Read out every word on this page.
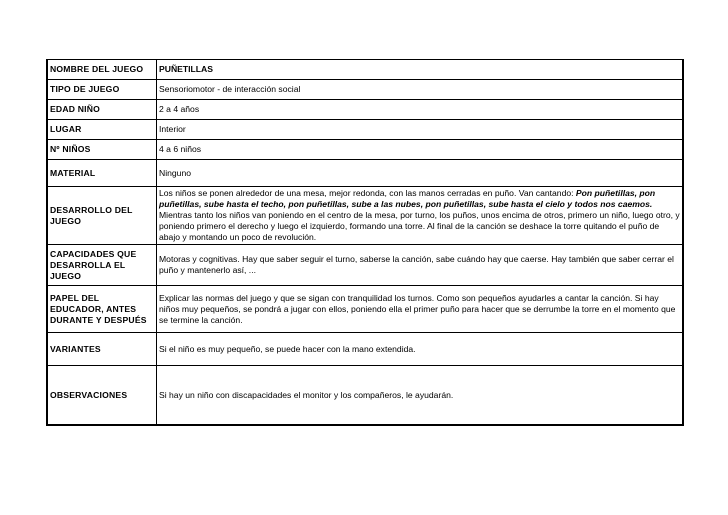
NOMBRE DEL JUEGO	PUÑETILLAS
TIPO DE JUEGO	Sensoriomotor - de interacción social
EDAD NIÑO	2 a 4 años
LUGAR	Interior
Nº NIÑOS	4 a 6 niños
MATERIAL	Ninguno
DESARROLLO DEL JUEGO	Los niños se ponen alrededor de una mesa, mejor redonda, con las manos cerradas en puño. Van cantando: Pon puñetillas, pon puñetillas, sube hasta el techo, pon puñetillas, sube a las nubes, pon puñetillas, sube hasta el cielo y todos nos caemos. Mientras tanto los niños van poniendo en el centro de la mesa, por turno, los puños, unos encima de otros, primero un niño, luego otro, y poniendo primero el derecho y luego el izquierdo, formando una torre. Al final de la canción se deshace la torre quitando el puño de abajo y montando un poco de revolución.
CAPACIDADES QUE DESARROLLA EL JUEGO	Motoras y cognitivas. Hay que saber seguir el turno, saberse la canción, sabe cuándo hay que caerse. Hay también que saber cerrar el puño y mantenerlo así, ...
PAPEL DEL EDUCADOR, ANTES DURANTE Y DESPUÉS	Explicar las normas del juego y que se sigan con tranquilidad los turnos. Como son pequeños ayudarles a cantar la canción. Si hay niños muy pequeños, se pondrá a jugar con ellos, poniendo ella el primer puño para hacer que se derrumbe la torre en el momento que se termine la canción.
VARIANTES	Si el niño es muy pequeño, se puede hacer con la mano extendida.
OBSERVACIONES	Si hay un niño con discapacidades el monitor y los compañeros, le ayudarán.
